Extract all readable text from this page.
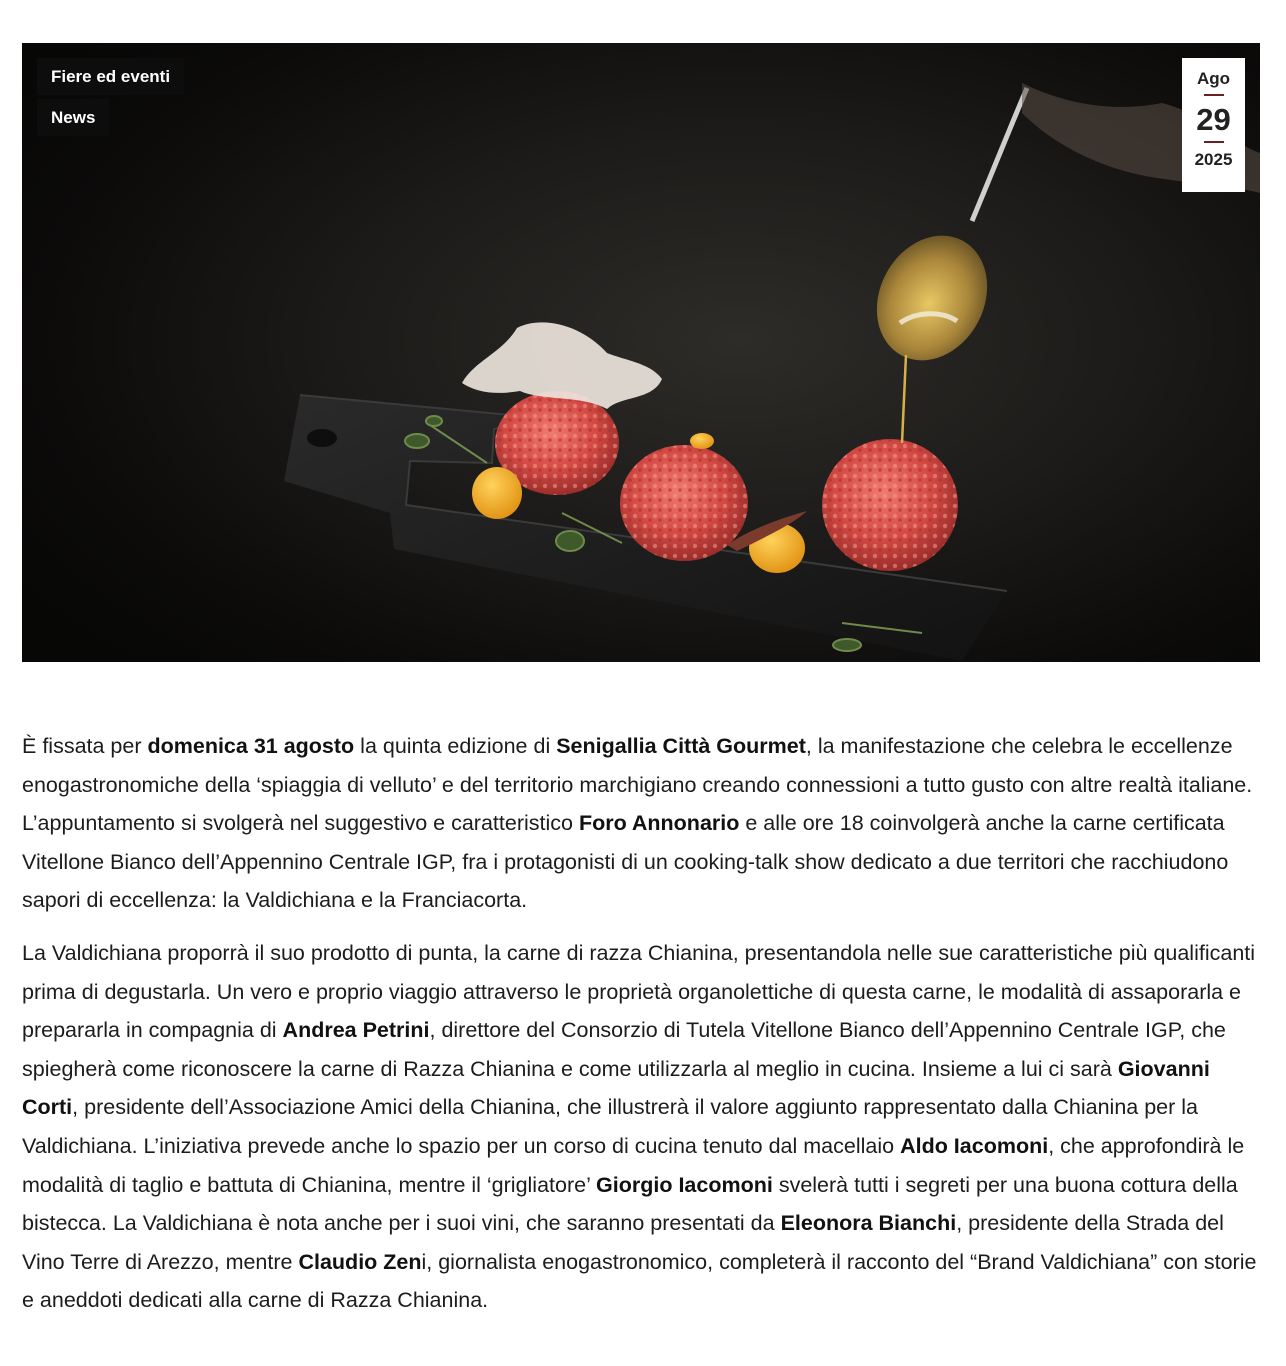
Fiere ed eventi
News
Ago
29
2025

È fissata per domenica 31 agosto la quinta edizione di Senigallia Città Gourmet, la manifestazione che celebra le eccellenze enogastronomiche della ‘spiaggia di velluto’ e del territorio marchigiano creando connessioni a tutto gusto con altre realtà italiane. L’appuntamento si svolgerà nel suggestivo e caratteristico Foro Annonario e alle ore 18 coinvolgerà anche la carne certificata Vitellone Bianco dell’Appennino Centrale IGP, fra i protagonisti di un cooking-talk show dedicato a due territori che racchiudono sapori di eccellenza: la Valdichiana e la Franciacorta.

La Valdichiana proporrà il suo prodotto di punta, la carne di razza Chianina, presentandola nelle sue caratteristiche più qualificanti prima di degustarla. Un vero e proprio viaggio attraverso le proprietà organolettiche di questa carne, le modalità di assaporarla e prepararla in compagnia di Andrea Petrini, direttore del Consorzio di Tutela Vitellone Bianco dell’Appennino Centrale IGP, che spiegherà come riconoscere la carne di Razza Chianina e come utilizzarla al meglio in cucina. Insieme a lui ci sarà Giovanni Corti, presidente dell’Associazione Amici della Chianina, che illustrerà il valore aggiunto rappresentato dalla Chianina per la Valdichiana. L’iniziativa prevede anche lo spazio per un corso di cucina tenuto dal macellaio Aldo Iacomoni, che approfondirà le modalità di taglio e battuta di Chianina, mentre il ‘grigliatore’ Giorgio Iacomoni svelerà tutti i segreti per una buona cottura della bistecca. La Valdichiana è nota anche per i suoi vini, che saranno presentati da Eleonora Bianchi, presidente della Strada del Vino Terre di Arezzo, mentre Claudio Zeni, giornalista enogastronomico, completerà il racconto del “Brand Valdichiana” con storie e aneddoti dedicati alla carne di Razza Chianina.
